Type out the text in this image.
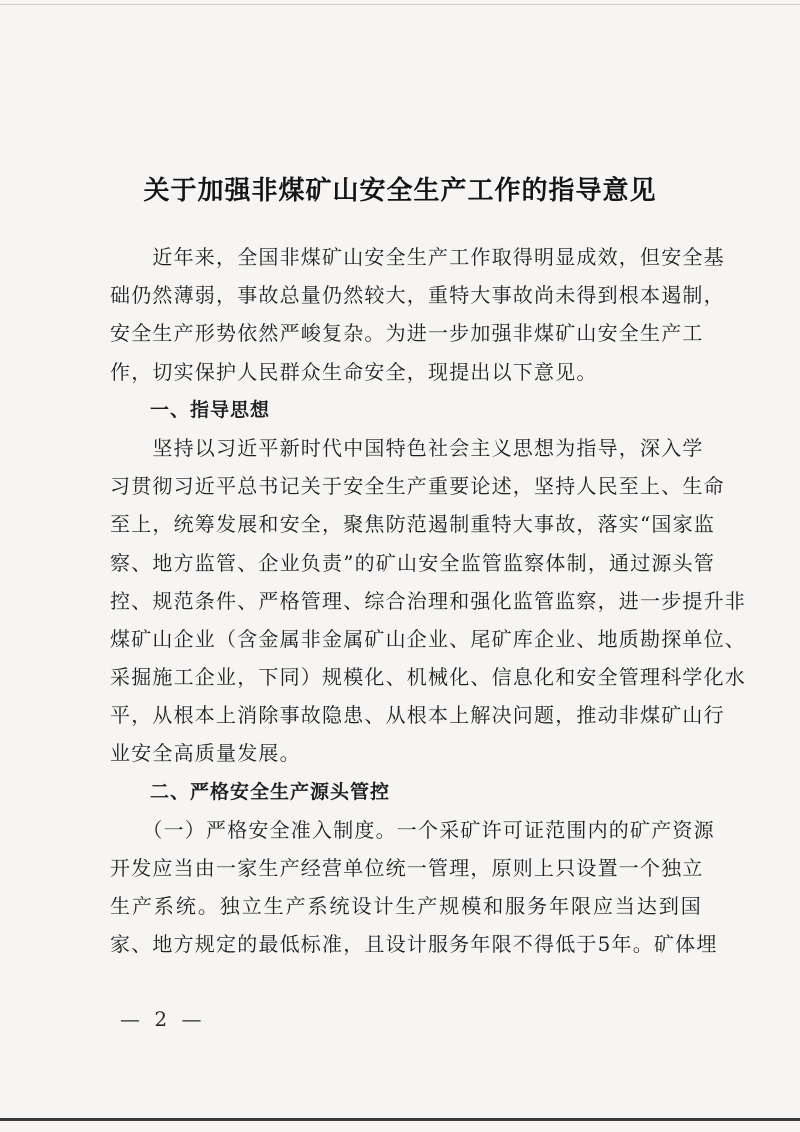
关于加强非煤矿山安全生产工作的指导意见
　　近年来，全国非煤矿山安全生产工作取得明显成效，但安全基
础仍然薄弱，事故总量仍然较大，重特大事故尚未得到根本遏制，
安全生产形势依然严峻复杂。为进一步加强非煤矿山安全生产工
作，切实保护人民群众生命安全，现提出以下意见。
　　一、指导思想
　　坚持以习近平新时代中国特色社会主义思想为指导，深入学
习贯彻习近平总书记关于安全生产重要论述，坚持人民至上、生命
至上，统筹发展和安全，聚焦防范遏制重特大事故，落实“国家监
察、地方监管、企业负责”的矿山安全监管监察体制，通过源头管
控、规范条件、严格管理、综合治理和强化监管监察，进一步提升非
煤矿山企业（含金属非金属矿山企业、尾矿库企业、地质勘探单位、
采掘施工企业，下同）规模化、机械化、信息化和安全管理科学化水
平，从根本上消除事故隐患、从根本上解决问题，推动非煤矿山行
业安全高质量发展。
　　二、严格安全生产源头管控
　　（一）严格安全准入制度。一个采矿许可证范围内的矿产资源
开发应当由一家生产经营单位统一管理，原则上只设置一个独立
生产系统。独立生产系统设计生产规模和服务年限应当达到国
家、地方规定的最低标准，且设计服务年限不得低于5年。矿体埋
— 2 —
